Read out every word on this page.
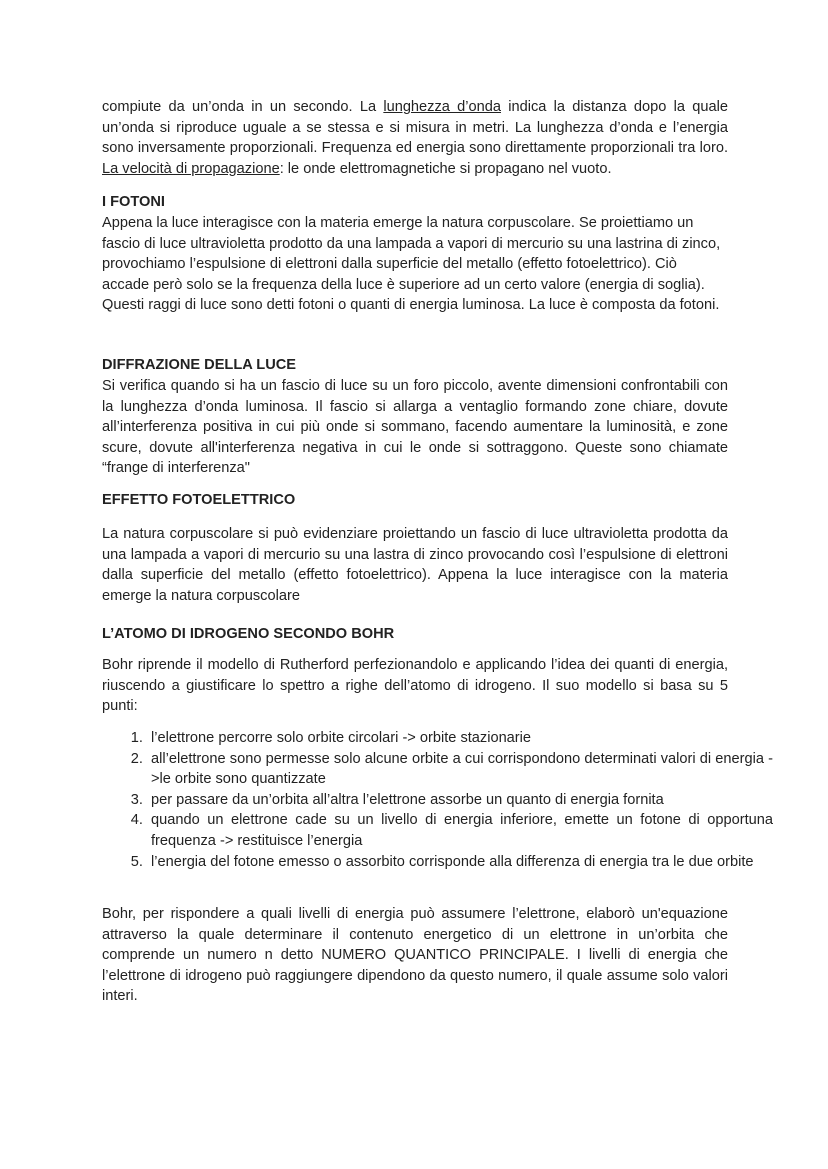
compiute da un’onda in un secondo. La lunghezza d’onda indica la distanza dopo la quale un’onda si riproduce uguale a se stessa e si misura in metri. La lunghezza d’onda e l’energia sono inversamente proporzionali. Frequenza ed energia sono direttamente proporzionali tra loro. La velocità di propagazione: le onde elettromagnetiche si propagano nel vuoto.

I FOTONI

Appena la luce interagisce con la materia emerge la natura corpuscolare. Se proiettiamo un fascio di luce ultravioletta prodotto da una lampada a vapori di mercurio su una lastrina di zinco, provochiamo l’espulsione di elettroni dalla superficie del metallo (effetto fotoelettrico). Ciò accade però solo se la frequenza della luce è superiore ad un certo valore (energia di soglia). Questi raggi di luce sono detti fotoni o quanti di energia luminosa. La luce è composta da fotoni.

DIFFRAZIONE DELLA LUCE

Si verifica quando si ha un fascio di luce su un foro piccolo, avente dimensioni confrontabili con la lunghezza d’onda luminosa. Il fascio si allarga a ventaglio formando zone chiare, dovute all’interferenza positiva in cui più onde si sommano, facendo aumentare la luminosità, e zone scure, dovute all'interferenza negativa in cui le onde si sottraggono. Queste sono chiamate “frange di interferenza"

EFFETTO FOTOELETTRICO

La natura corpuscolare si può evidenziare proiettando un fascio di luce ultravioletta prodotta da una lampada a vapori di mercurio su una lastra di zinco provocando così l’espulsione di elettroni dalla superficie del metallo (effetto fotoelettrico). Appena la luce interagisce con la materia emerge la natura corpuscolare

L’ATOMO DI IDROGENO SECONDO BOHR

Bohr riprende il modello di Rutherford perfezionandolo e applicando l’idea dei quanti di energia, riuscendo a giustificare lo spettro a righe dell’atomo di idrogeno. Il suo modello si basa su 5 punti:

1. l’elettrone percorre solo orbite circolari -> orbite stazionarie
2. all’elettrone sono permesse solo alcune orbite a cui corrispondono determinati valori di energia ->le orbite sono quantizzate
3. per passare da un’orbita all’altra l’elettrone assorbe un quanto di energia fornita
4. quando un elettrone cade su un livello di energia inferiore, emette un fotone di opportuna frequenza -> restituisce l’energia
5. l’energia del fotone emesso o assorbito corrisponde alla differenza di energia tra le due orbite

Bohr, per rispondere a quali livelli di energia può assumere l’elettrone, elaborò un'equazione attraverso la quale determinare il contenuto energetico di un elettrone in un’orbita che comprende un numero n detto NUMERO QUANTICO PRINCIPALE. I livelli di energia che l’elettrone di idrogeno può raggiungere dipendono da questo numero, il quale assume solo valori interi.
